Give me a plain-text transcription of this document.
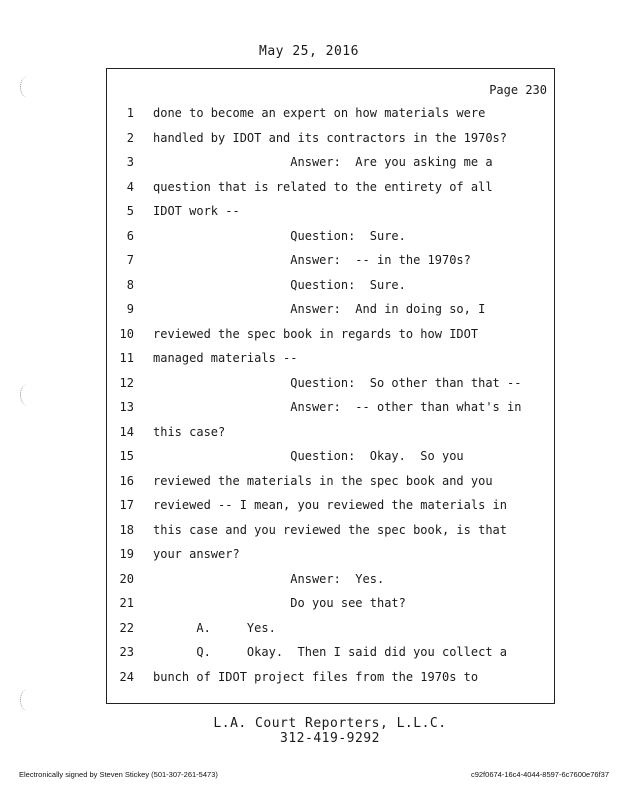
May 25, 2016
Page 230
1 done to become an expert on how materials were
2 handled by IDOT and its contractors in the 1970s?
3 Answer:  Are you asking me a
4 question that is related to the entirety of all
5 IDOT work --
6 Question:  Sure.
7 Answer:  -- in the 1970s?
8 Question:  Sure.
9 Answer:  And in doing so, I
10 reviewed the spec book in regards to how IDOT
11 managed materials --
12 Question:  So other than that --
13 Answer:  -- other than what's in
14 this case?
15 Question:  Okay.  So you
16 reviewed the materials in the spec book and you
17 reviewed -- I mean, you reviewed the materials in
18 this case and you reviewed the spec book, is that
19 your answer?
20 Answer:  Yes.
21 Do you see that?
22 A.     Yes.
23 Q.     Okay.  Then I said did you collect a
24 bunch of IDOT project files from the 1970s to
L.A. Court Reporters, L.L.C.
312-419-9292
Electronically signed by Steven Stickey (501-307-261-5473)	c92f0674-16c4-4044-8597-6c7600e76f37
